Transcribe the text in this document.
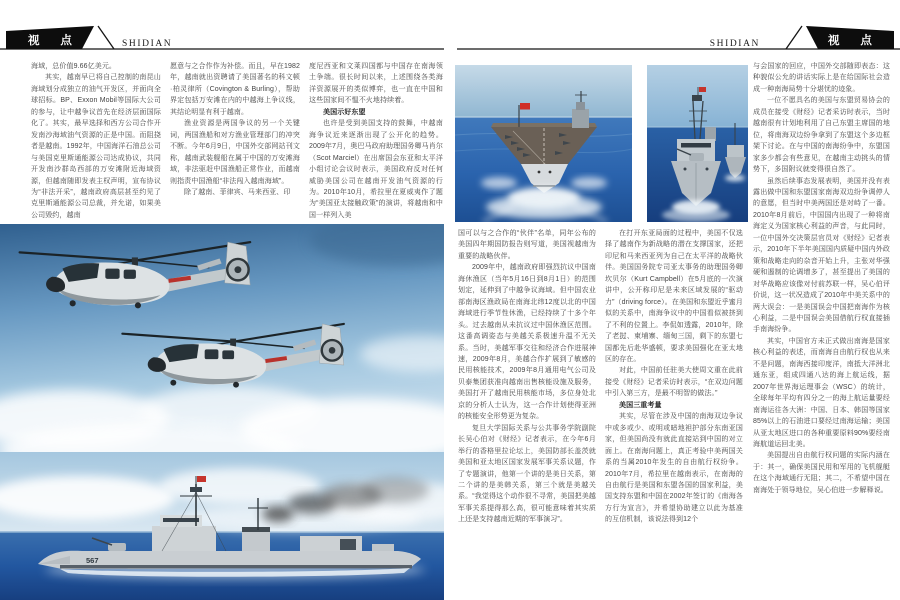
视 点	SHIDIAN	视 点
SHIDIAN

海域，总价值9.66亿美元。

其实，越南早已将自己控制的南昆山海域划分成独立的油气开发区，并面向全球招标。BP、Exxon Mobil等国际大公司的参与，让中越争议首先在经济层面国际化了。其实，最早选择和西方公司合作开发南沙海域油气资源的正是中国。而阻挠者是越南。1992年，中国海洋石油总公司与美国克里斯通能源公司达成协议，共同开发南沙群岛西部的万安滩附近海域资源，但越南随即发表主权声明，宣布协议为“非法开采”，越南政府高层甚至约见了克里斯通能源公司总裁，并允诺，如果美公司毁约，越南

愿意与之合作作为补偿。而且，早在1982年，越南就出资聘请了美国著名的科文顿·柏灵律所（Covington & Burling），帮助界定包括万安滩在内的中越海上争议线，其结论明显有利于越南。

渔业资源是两国争议的另一个关键词，两国渔船和对方渔业管理部门的冲突不断。今年6月9日，中国外交部网站刊文称，越南武装舰船在属于中国的万安滩海域，非法驱赶中国渔船正常作业，而越南则指责中国渔船“非法闯入越南海域”。

除了越南、菲律宾、马来西亚、印

度尼西亚和文莱四国都与中国存在南海领土争端。很长时间以来，上述围绕各类海洋资源展开的类似博弈，也一直在中国和这些国家间不愠不火地持续着。

美国示好东盟

也许是受到美国支持的鼓舞，中越南海争议近来逐渐出现了公开化的趋势。2009年7月，奥巴马政府助理国务卿马肖尔（Scot Marciel）在出席国会东亚和太平洋小组讨论会议时表示，美国政府反对任何威胁美国公司在越南开发油气资源的行为。2010年10月，希拉里在夏威夷作了题为“美国亚太接触政策”的演讲，将越南和中国一样列入美

567

国可以与之合作的“伙伴”名单，同年公布的美国四年期国防报告则写道，美国视越南为重要的战略伙伴。

2009年中，越南政府即强烈抗议中国南海休渔区（当年5月16日到8月1日）的范围划定，延伸到了中越争议海域。但中国农业部南海区渔政局在南海北纬12度以北的中国海域进行季节性休渔，已经持续了十多个年头。过去越南从未抗议过中国休渔区范围。这番高调姿态与美越关系极速升温不无关系。当时，美越军事交往和经济合作进展神速，2009年8月，美越合作扩展到了敏感的民用核能技术，2009年8月通用电气公司及贝泰集团获准向越南出售核能设施及服务，美国打开了越南民用核能市场，多位身处北京的分析人士认为，这一合作计划使得亚洲的核能安全形势更为复杂。

复旦大学国际关系与公共事务学院副院长吴心伯对《财经》记者表示，在今年6月举行的香格里拉论坛上，美国防部长盖茨就美国和亚太地区国家发展军事关系议题，作了专题演讲，他第一个讲的是美日关系，第二个讲的是美韩关系，第三个就是美越关系。“我觉得这个动作很不寻常，美国把美越军事关系提得那么高，很可能意味着其实质上还是支持越南近期的军事演习”。

在打开东亚局面的过程中，美国不仅选择了越南作为新战略的潜在支撑国家，还把印尼和马来西亚列为自己在太平洋的战略伙伴。美国国务院专司亚太事务的助理国务卿坎贝尔（Kurt Campbell）在5月底的一次演讲中，公开称印尼是未来区域发展的“驱动力”（driving force）。在美国和东盟近乎蜜月似的关系中，南海争议中的中国看似被挤到了不利的位置上。李侃如透露，2010年，除了老挝、柬埔寨、缅甸三国，剩下的东盟七国都先后赴华盛顿，要求美国强化在亚太地区的存在。

对此，中国前任驻美大使周文重在此前接受《财经》记者采访时表示，“在双边问题中引入第三方，是最不明智的做法。”

美国三重考量

其实，尽管在涉及中国的南海双边争议中或多或少、或明或暗地袒护部分东南亚国家，但美国尚没有就此直接站到中国的对立面上。在南海问题上，真正考验中美两国关系的当属2010年发生的自由航行权纷争。2010年7月，希拉里在越南表示，在南海的自由航行是美国和东盟各国的国家利益，美国支持东盟和中国在2002年签订的《南海各方行为宣言》，并希望协助建立以此为基准的互信机制，该说法得到12个

与会国家的回应，中国外交部随即表态：这种貌似公允的讲话实际上是在给国际社会造成一种南海局势十分堪忧的迹象。

一位不愿具名的美国与东盟贸易协会的成员在接受《财经》记者采访时表示，当时越南很有计划地利用了自己东盟主席国的地位，将南海双边纷争拿到了东盟这个多边框架下讨论。在与中国的南海纷争中，东盟国家多少都会有些意见，在越南主动挑头的情势下，多国附议就变得很自然了。

虽然后续事态发展表明，美国并没有表露出做中国和东盟国家南海双边纷争调停人的意愿，但当时中美两国还是对峙了一番。2010年8月前后，中国国内出现了一种将南海定义为国家核心利益的声音，与此同时，一位中国外交决策层官员对《财经》记者表示，2010年下半年美国国内质疑中国内外政策和战略走向的杂音开始上升，主张对华强硬和遏制的论调增多了，甚至提出了美国的对华战略应该像对付前苏联一样，吴心伯评价说，这一状况造成了2010年中美关系中的两大误会：一是美国误会中国把南海作为核心利益，二是中国误会美国借航行权直接插手南海纷争。

其实，中国官方未正式做出南海是国家核心利益的表述，而南海自由航行权也从来不是问题，南海西接印度洋，南抵大洋洲北通东亚，组成四通八达的海上航运线，据2007年世界海运理事会（WSC）的统计，全球每年平均有四分之一的海上航运量要经南海运往各大洲：中国、日本、韩国等国家85%以上的石油进口要经过南海运输；美国从亚太地区进口的各种重要原料90%要经南海航道运回北美。

美国提出自由航行权问题的实际内涵在于：其一，确保美国民用和军用的飞机舰艇在这个海域通行无阻；其二，不希望中国在南海处于领导地位，吴心伯进一步解释说。
